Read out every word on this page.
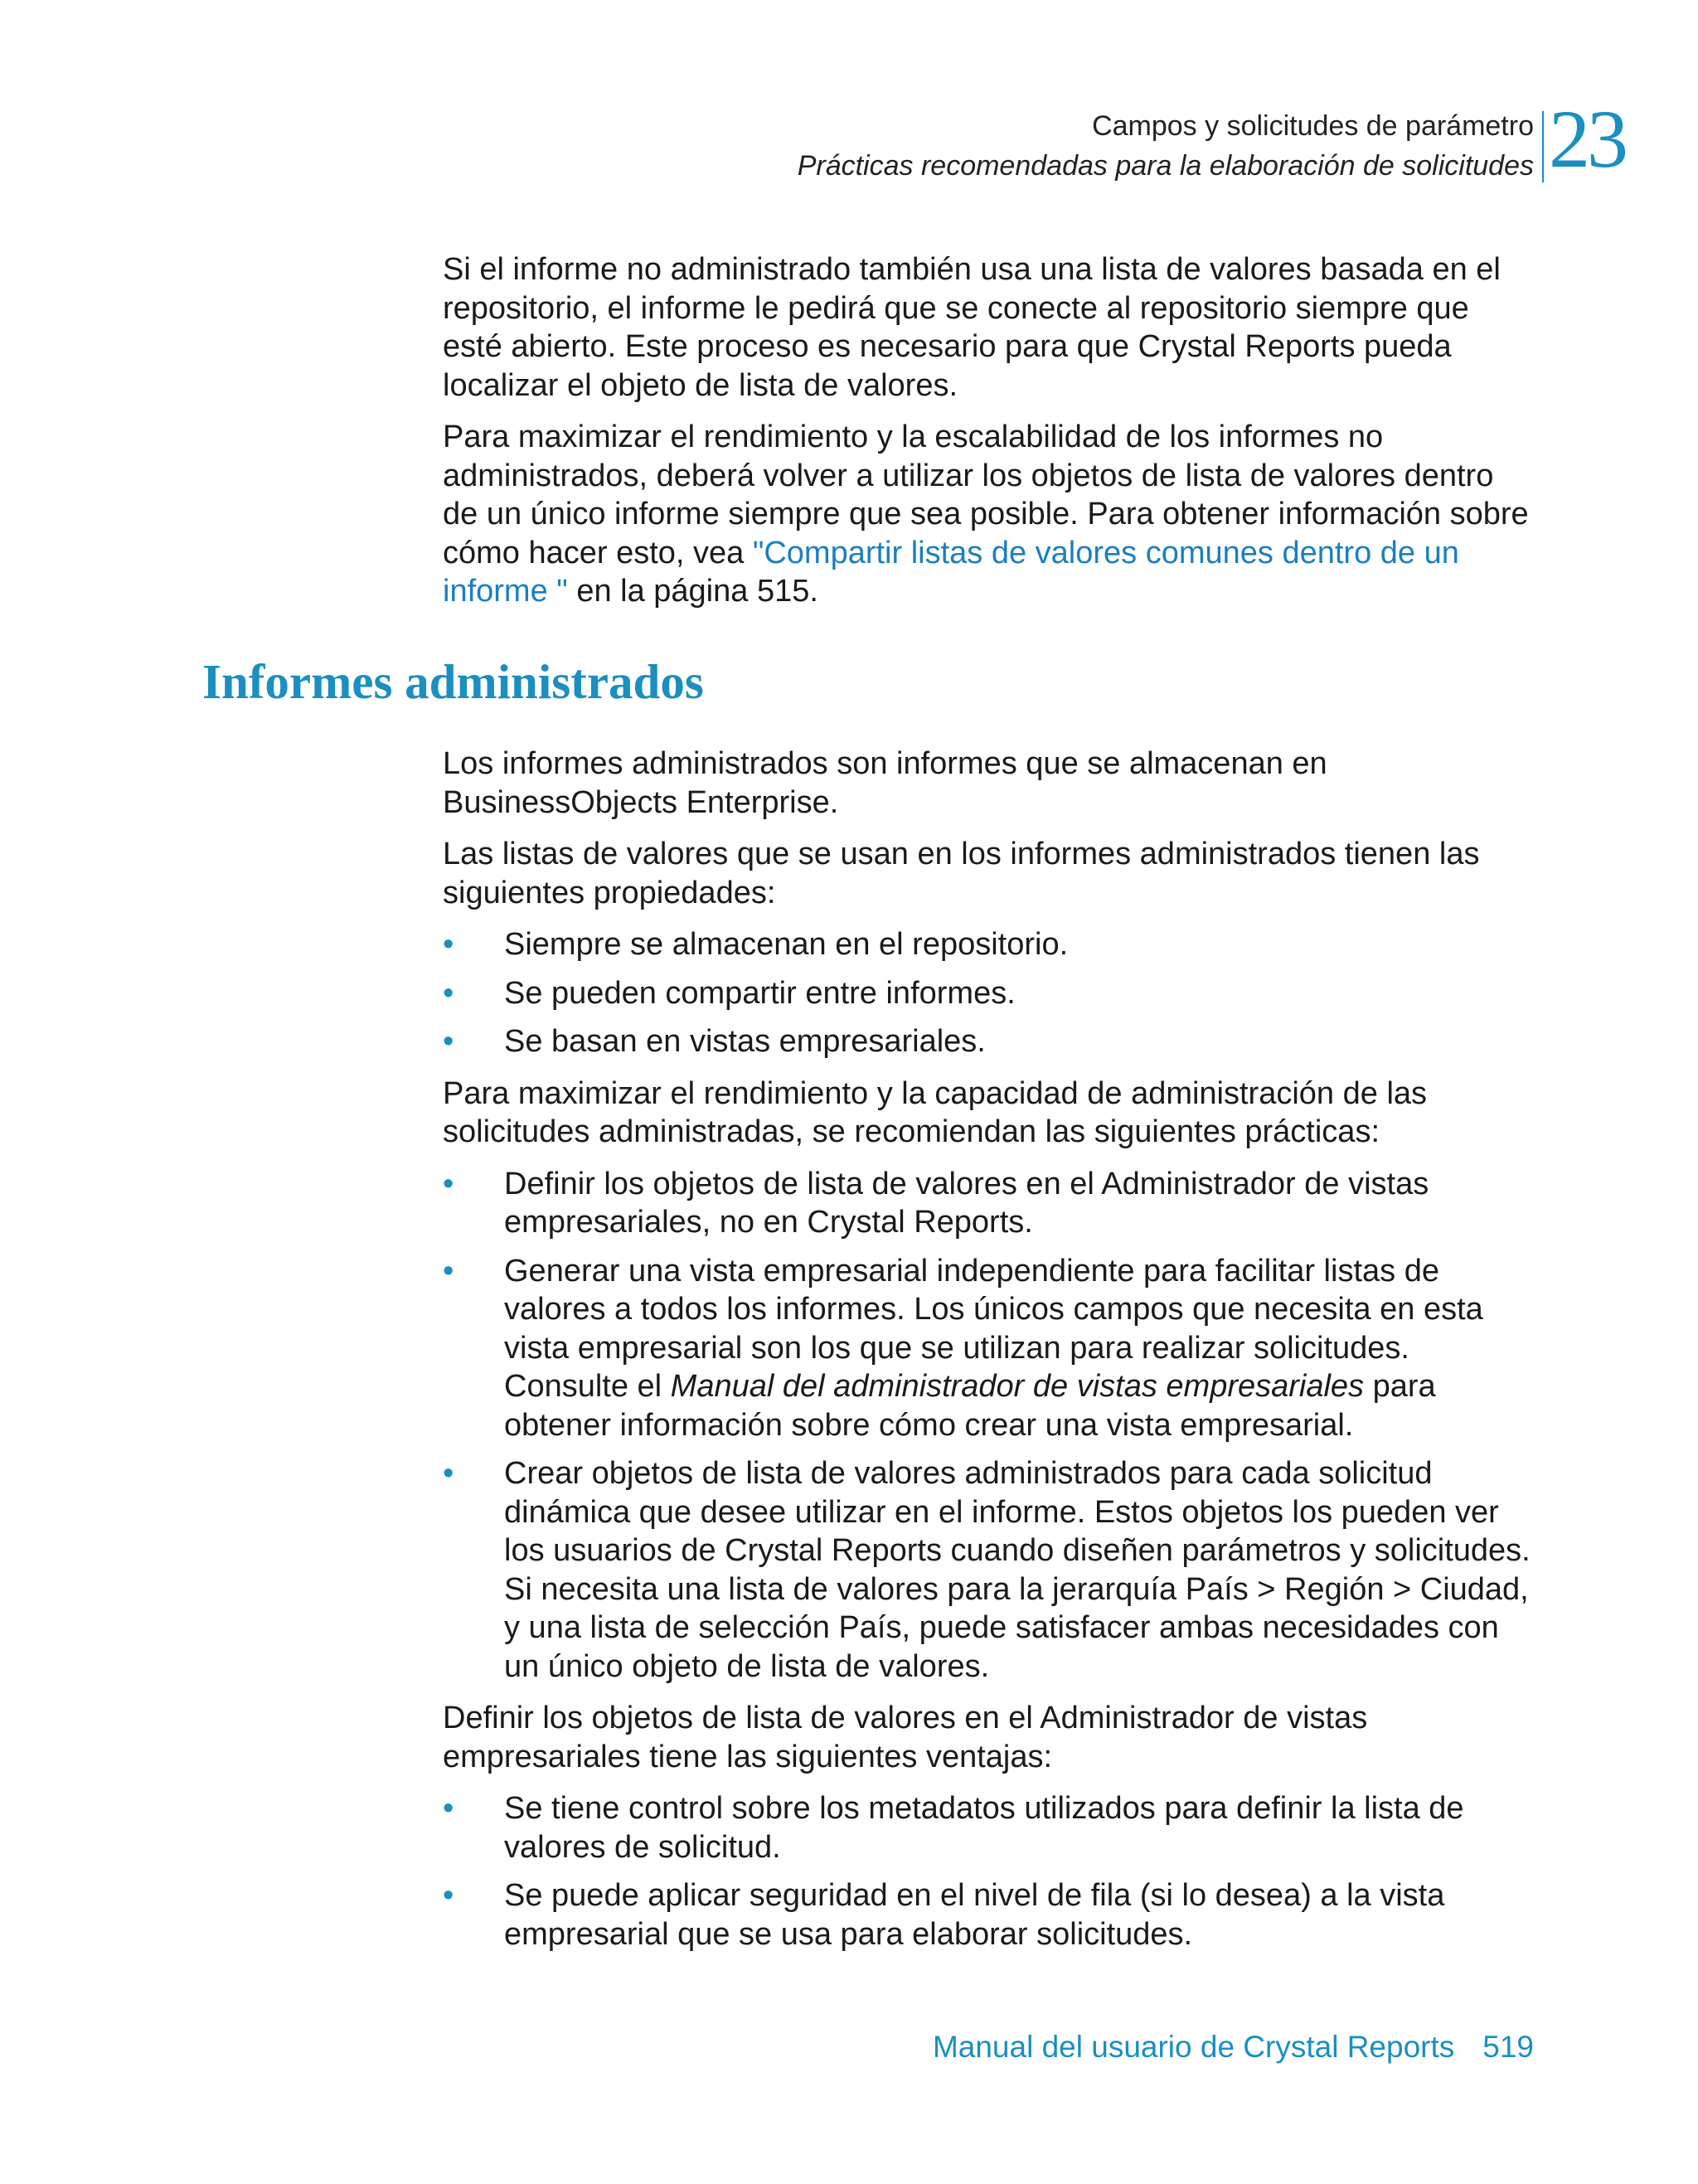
Campos y solicitudes de parámetro
Prácticas recomendadas para la elaboración de solicitudes 23

Si el informe no administrado también usa una lista de valores basada en el repositorio, el informe le pedirá que se conecte al repositorio siempre que esté abierto. Este proceso es necesario para que Crystal Reports pueda localizar el objeto de lista de valores.

Para maximizar el rendimiento y la escalabilidad de los informes no administrados, deberá volver a utilizar los objetos de lista de valores dentro de un único informe siempre que sea posible. Para obtener información sobre cómo hacer esto, vea "Compartir listas de valores comunes dentro de un informe " en la página 515.

Informes administrados

Los informes administrados son informes que se almacenan en BusinessObjects Enterprise.

Las listas de valores que se usan en los informes administrados tienen las siguientes propiedades:

• Siempre se almacenan en el repositorio.
• Se pueden compartir entre informes.
• Se basan en vistas empresariales.

Para maximizar el rendimiento y la capacidad de administración de las solicitudes administradas, se recomiendan las siguientes prácticas:

• Definir los objetos de lista de valores en el Administrador de vistas empresariales, no en Crystal Reports.
• Generar una vista empresarial independiente para facilitar listas de valores a todos los informes. Los únicos campos que necesita en esta vista empresarial son los que se utilizan para realizar solicitudes. Consulte el Manual del administrador de vistas empresariales para obtener información sobre cómo crear una vista empresarial.
• Crear objetos de lista de valores administrados para cada solicitud dinámica que desee utilizar en el informe. Estos objetos los pueden ver los usuarios de Crystal Reports cuando diseñen parámetros y solicitudes. Si necesita una lista de valores para la jerarquía País > Región > Ciudad, y una lista de selección País, puede satisfacer ambas necesidades con un único objeto de lista de valores.

Definir los objetos de lista de valores en el Administrador de vistas empresariales tiene las siguientes ventajas:

• Se tiene control sobre los metadatos utilizados para definir la lista de valores de solicitud.
• Se puede aplicar seguridad en el nivel de fila (si lo desea) a la vista empresarial que se usa para elaborar solicitudes.
Manual del usuario de Crystal Reports 519
